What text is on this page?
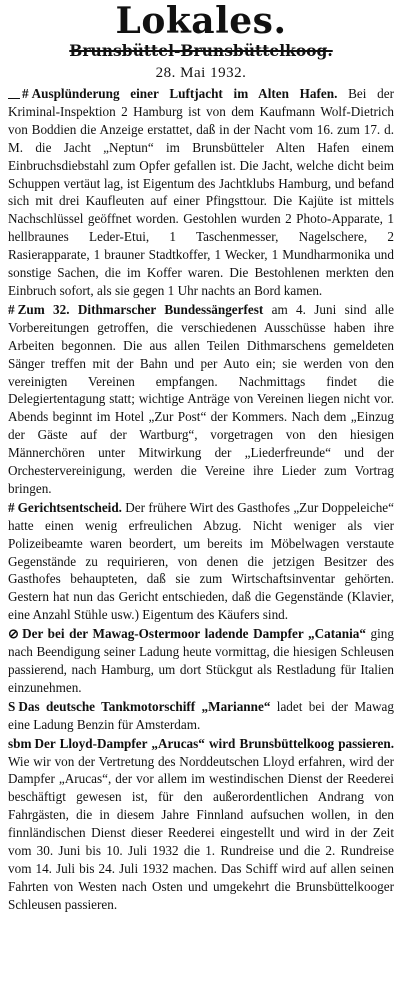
Lokales.
Brunsbüttel-Brunsbüttelkoog.
28. Mai 1932.
# Ausplünderung einer Luftjacht im Alten Hafen. Bei der Kriminal-Inspektion 2 Hamburg ist von dem Kaufmann Wolf-Dietrich von Boddien die Anzeige erstattet, daß in der Nacht vom 16. zum 17. d. M. die Jacht „Neptun“ im Brunsbütteler Alten Hafen einem Einbruchsdiebstahl zum Opfer gefallen ist. Die Jacht, welche dicht beim Schuppen vertäut lag, ist Eigentum des Jachtklubs Hamburg, und befand sich mit drei Kaufleuten auf einer Pfingsttour. Die Kajüte ist mittels Nachschlüssel geöffnet worden. Gestohlen wurden 2 Photo-Apparate, 1 hellbraunes Leder-Etui, 1 Taschenmesser, Nagelschere, 2 Rasierapparate, 1 brauner Stadtkoffer, 1 Wecker, 1 Mundharmonika und sonstige Sachen, die im Koffer waren. Die Bestohlenen merkten den Einbruch sofort, als sie gegen 1 Uhr nachts an Bord kamen.
# Zum 32. Dithmarscher Bundessängerfest am 4. Juni sind alle Vorbereitungen getroffen, die verschiedenen Ausschüsse haben ihre Arbeiten begonnen. Die aus allen Teilen Dithmarschens gemeldeten Sänger treffen mit der Bahn und per Auto ein; sie werden von den vereinigten Vereinen empfangen. Nachmittags findet die Delegiertentagung statt; wichtige Anträge von Vereinen liegen nicht vor. Abends beginnt im Hotel „Zur Post“ der Kommers. Nach dem „Einzug der Gäste auf der Wartburg“, vorgetragen von den hiesigen Männerchören unter Mitwirkung der „Liederfreunde“ und der Orchestervereinigung, werden die Vereine ihre Lieder zum Vortrag bringen.
# Gerichtsentscheid. Der frühere Wirt des Gasthofes „Zur Doppeleiche“ hatte einen wenig erfreulichen Abzug. Nicht weniger als vier Polizeibeamte waren beordert, um bereits im Möbelwagen verstaute Gegenstände zu requirieren, von denen die jetzigen Besitzer des Gasthofes behaupteten, daß sie zum Wirtschaftsinventar gehörten. Gestern hat nun das Gericht entschieden, daß die Gegenstände (Klavier, eine Anzahl Stühle usw.) Eigentum des Käufers sind.
⊘ Der bei der Mawag-Ostermoor ladende Dampfer „Catania“ ging nach Beendigung seiner Ladung heute vormittag, die hiesigen Schleusen passierend, nach Hamburg, um dort Stückgut als Restladung für Italien einzunehmen.
S Das deutsche Tankmotorschiff „Marianne“ ladet bei der Mawag eine Ladung Benzin für Amsterdam.
sbm Der Lloyd-Dampfer „Arucas“ wird Brunsbüttelkoog passieren. Wie wir von der Vertretung des Norddeutschen Lloyd erfahren, wird der Dampfer „Arucas“, der vor allem im westindischen Dienst der Reederei beschäftigt gewesen ist, für den außerordentlichen Andrang von Fahrgästen, die in diesem Jahre Finnland aufsuchen wollen, in den finnländischen Dienst dieser Reederei eingestellt und wird in der Zeit vom 30. Juni bis 10. Juli 1932 die 1. Rundreise und die 2. Rundreise vom 14. Juli bis 24. Juli 1932 machen. Das Schiff wird auf allen seinen Fahrten von Westen nach Osten und umgekehrt die Brunsbüttelkooger Schleusen passieren.
